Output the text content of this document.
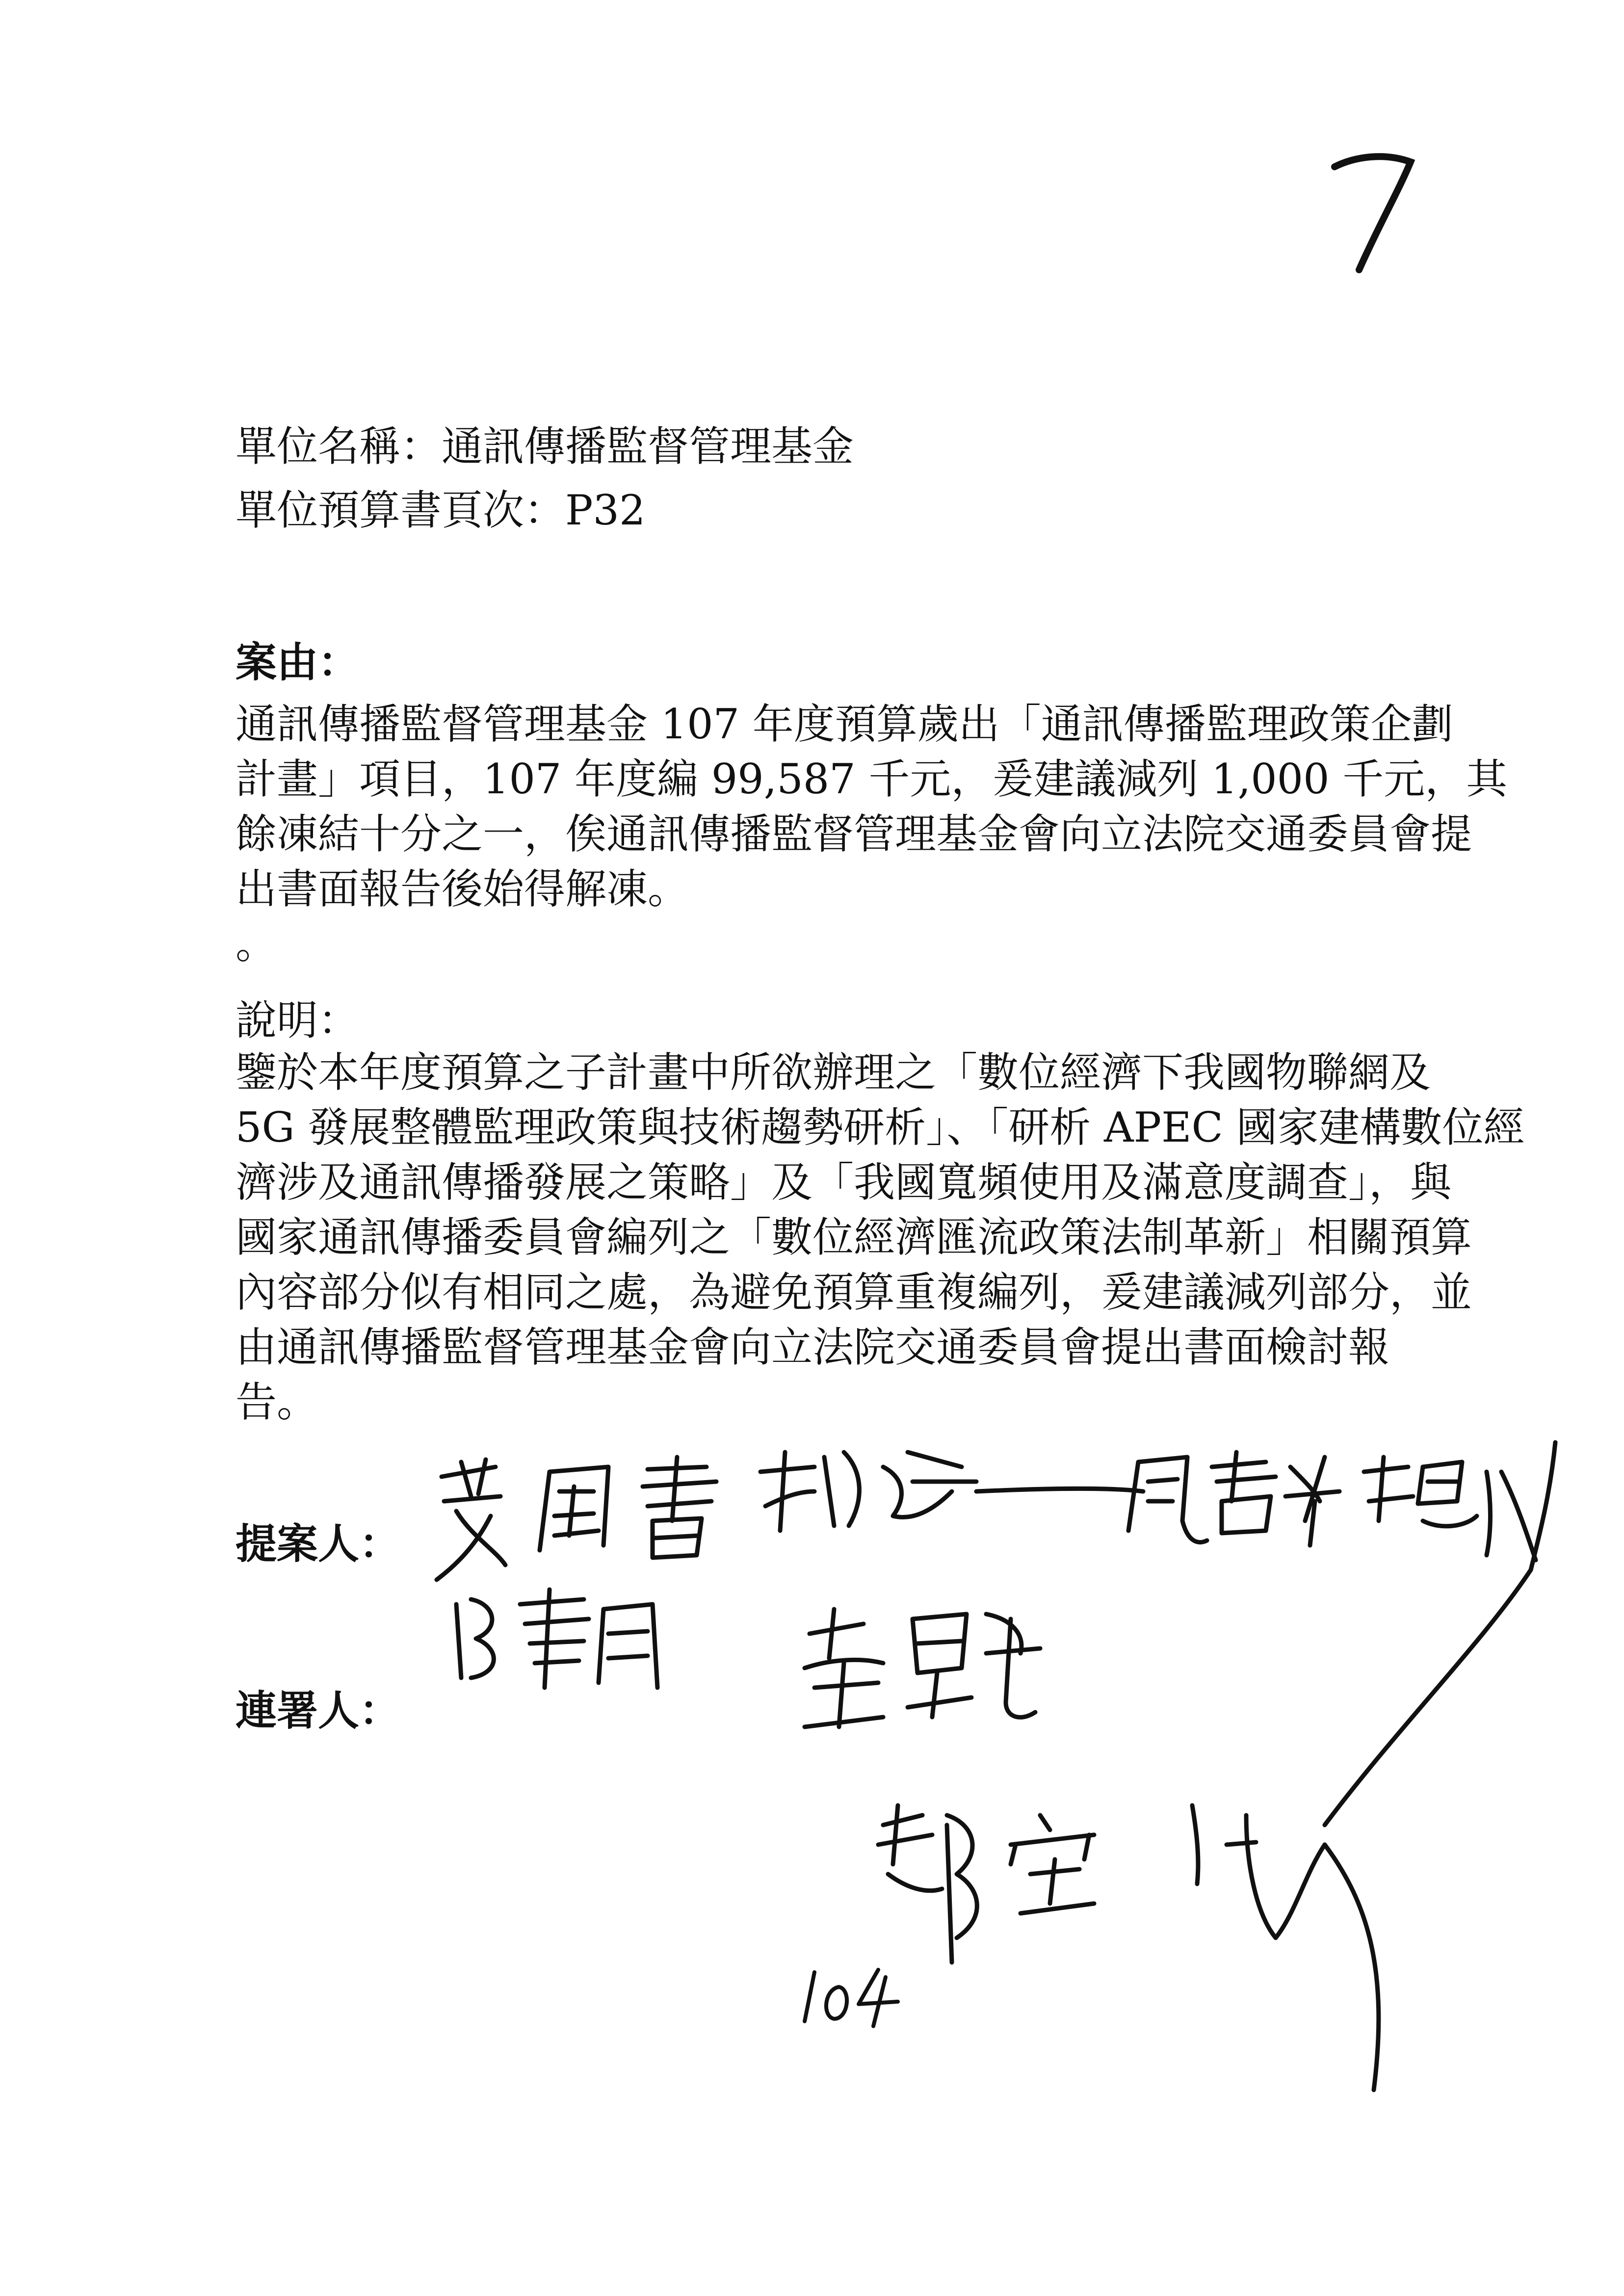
單位名稱：通訊傳播監督管理基金
單位預算書頁次：P32
案由：
通訊傳播監督管理基金 107 年度預算歲出「通訊傳播監理政策企劃
計畫」項目，107 年度編 99,587 千元，爰建議減列 1,000 千元，其
餘凍結十分之一，俟通訊傳播監督管理基金會向立法院交通委員會提
出書面報告後始得解凍。
。
說明：
鑒於本年度預算之子計畫中所欲辦理之「數位經濟下我國物聯網及
5G 發展整體監理政策與技術趨勢研析」、「研析 APEC 國家建構數位經
濟涉及通訊傳播發展之策略」及「我國寬頻使用及滿意度調查」，與
國家通訊傳播委員會編列之「數位經濟匯流政策法制革新」相關預算
內容部分似有相同之處，為避免預算重複編列，爰建議減列部分，並
由通訊傳播監督管理基金會向立法院交通委員會提出書面檢討報
告。
提案人：
連署人：
